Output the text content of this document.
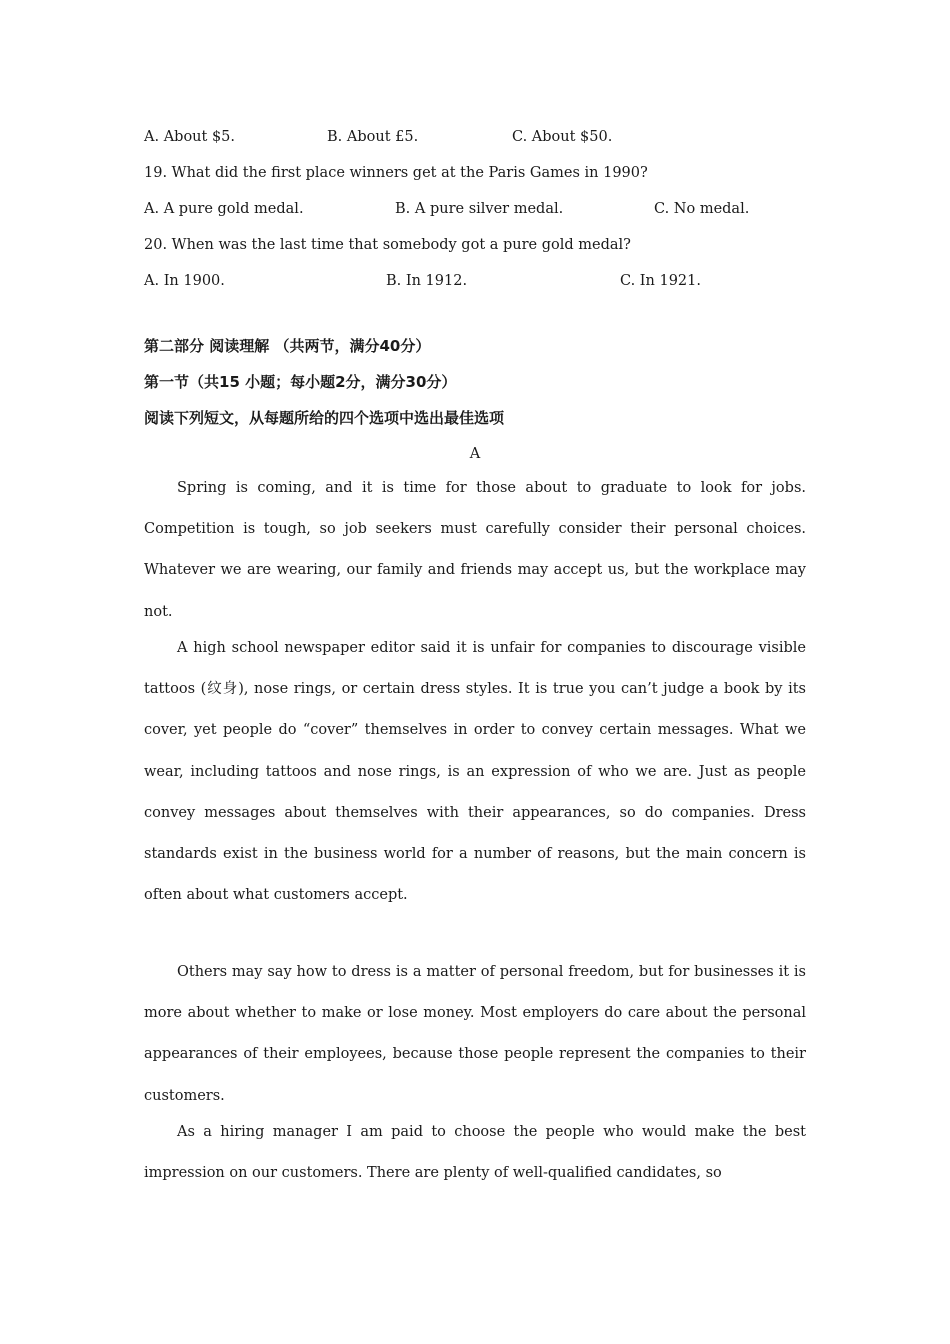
A. About $5.	B. About £5.	C. About $50.
19. What did the first place winners get at the Paris Games in 1990?
A. A pure gold medal.	B. A pure silver medal.	C. No medal.
20. When was the last time that somebody got a pure gold medal?
A. In 1900.	B. In 1912.	C. In 1921.
第二部分 阅读理解 （共两节，满分40分）
第一节（共15 小题；每小题2分，满分30分）
阅读下列短文，从每题所给的四个选项中选出最佳选项
A

Spring is coming, and it is time for those about to graduate to look for jobs. Competition is tough, so job seekers must carefully consider their personal choices. Whatever we are wearing, our family and friends may accept us, but the workplace may not.

A high school newspaper editor said it is unfair for companies to discourage visible tattoos (纹身), nose rings, or certain dress styles. It is true you can’t judge a book by its cover, yet people do “cover” themselves in order to convey certain messages. What we wear, including tattoos and nose rings, is an expression of who we are. Just as people convey messages about themselves with their appearances, so do companies. Dress standards exist in the business world for a number of reasons, but the main concern is often about what customers accept.

Others may say how to dress is a matter of personal freedom, but for businesses it is more about whether to make or lose money. Most employers do care about the personal appearances of their employees, because those people represent the companies to their customers.

As a hiring manager I am paid to choose the people who would make the best impression on our customers. There are plenty of well-qualified candidates, so
